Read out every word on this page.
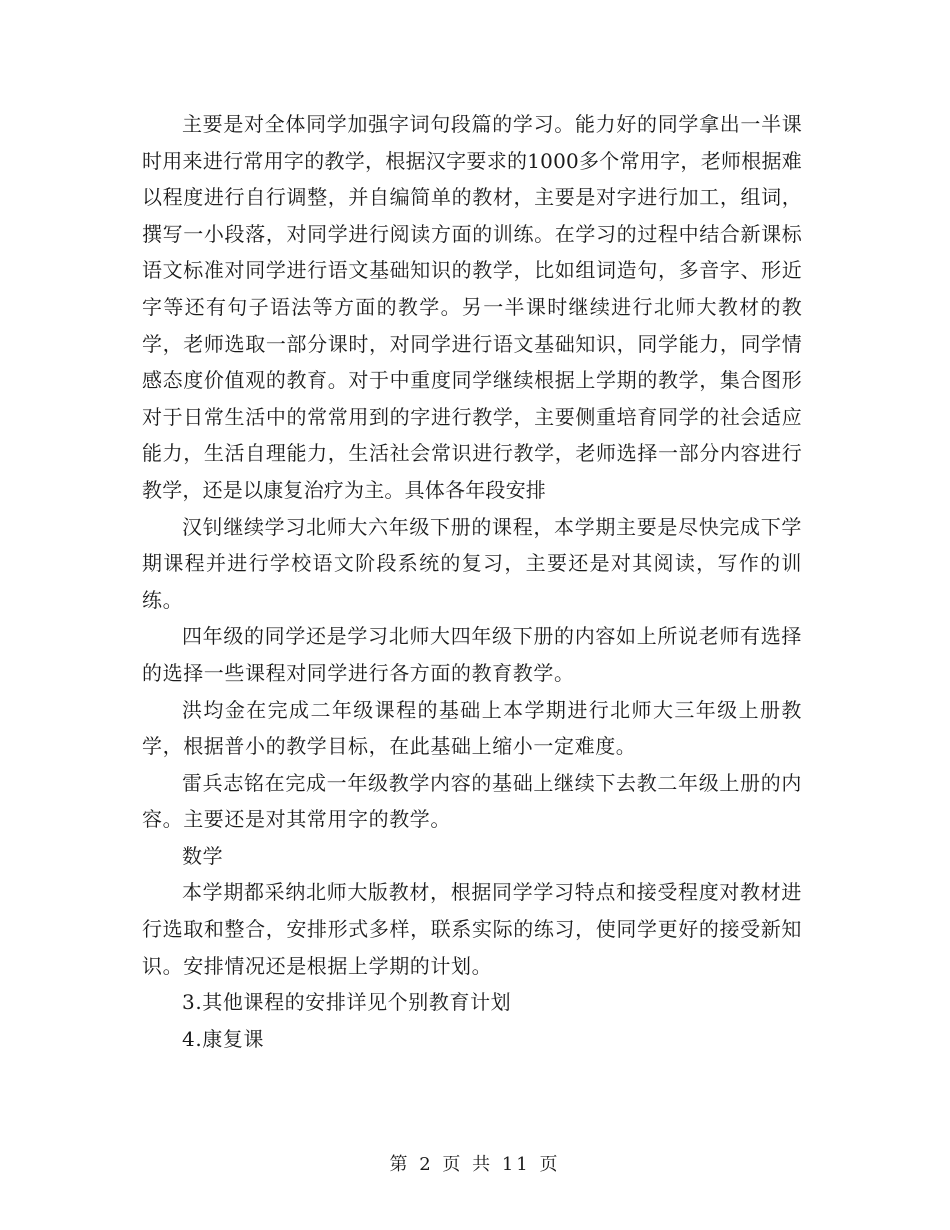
主要是对全体同学加强字词句段篇的学习。能力好的同学拿出一半课时用来进行常用字的教学，根据汉字要求的1000多个常用字，老师根据难以程度进行自行调整，并自编简单的教材，主要是对字进行加工，组词，撰写一小段落，对同学进行阅读方面的训练。在学习的过程中结合新课标语文标准对同学进行语文基础知识的教学，比如组词造句，多音字、形近字等还有句子语法等方面的教学。另一半课时继续进行北师大教材的教学，老师选取一部分课时，对同学进行语文基础知识，同学能力，同学情感态度价值观的教育。对于中重度同学继续根据上学期的教学，集合图形对于日常生活中的常常用到的字进行教学，主要侧重培育同学的社会适应能力，生活自理能力，生活社会常识进行教学，老师选择一部分内容进行教学，还是以康复治疗为主。具体各年段安排

汉钊继续学习北师大六年级下册的课程，本学期主要是尽快完成下学期课程并进行学校语文阶段系统的复习，主要还是对其阅读，写作的训练。

四年级的同学还是学习北师大四年级下册的内容如上所说老师有选择的选择一些课程对同学进行各方面的教育教学。

洪均金在完成二年级课程的基础上本学期进行北师大三年级上册教学，根据普小的教学目标，在此基础上缩小一定难度。

雷兵志铭在完成一年级教学内容的基础上继续下去教二年级上册的内容。主要还是对其常用字的教学。

数学

本学期都采纳北师大版教材，根据同学学习特点和接受程度对教材进行选取和整合，安排形式多样，联系实际的练习，使同学更好的接受新知识。安排情况还是根据上学期的计划。

3.其他课程的安排详见个别教育计划

4.康复课

第 2 页 共 11 页
